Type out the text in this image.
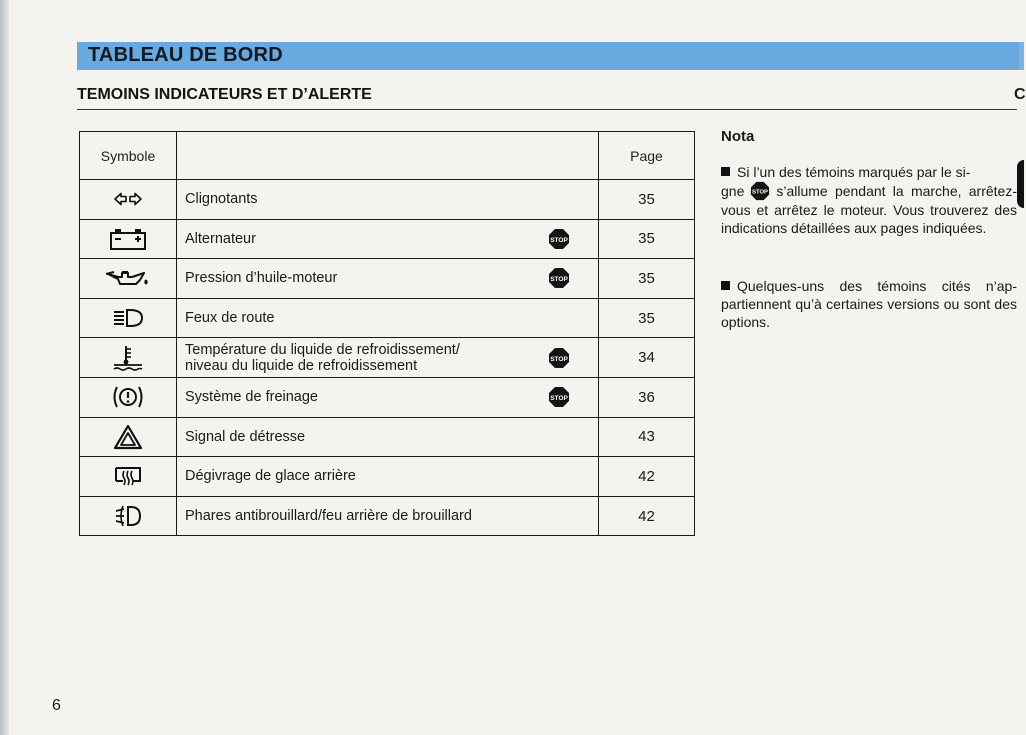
TABLEAU DE BORD
TEMOINS INDICATEURS ET D’ALERTE	C
Symbole		Page

Clignotants	35

Alternateur STOP	35

Pression d’huile-moteur STOP	35

Feux de route	35

Température du liquide de refroidissement/
niveau du liquide de refroidissement STOP	34

Système de freinage STOP	36

Signal de détresse	43

Dégivrage de glace arrière	42

Phares antibrouillard/feu arrière de brouillard	42
Nota
Si l’un des témoins marqués par le si-
gne STOP s’allume pendant la marche, arrêtez-vous et arrêtez le moteur. Vous trouverez des indications détaillées aux pages indiquées.
Quelques-uns des témoins cités n’ap-partiennent qu’à certaines versions ou sont des options.
6
